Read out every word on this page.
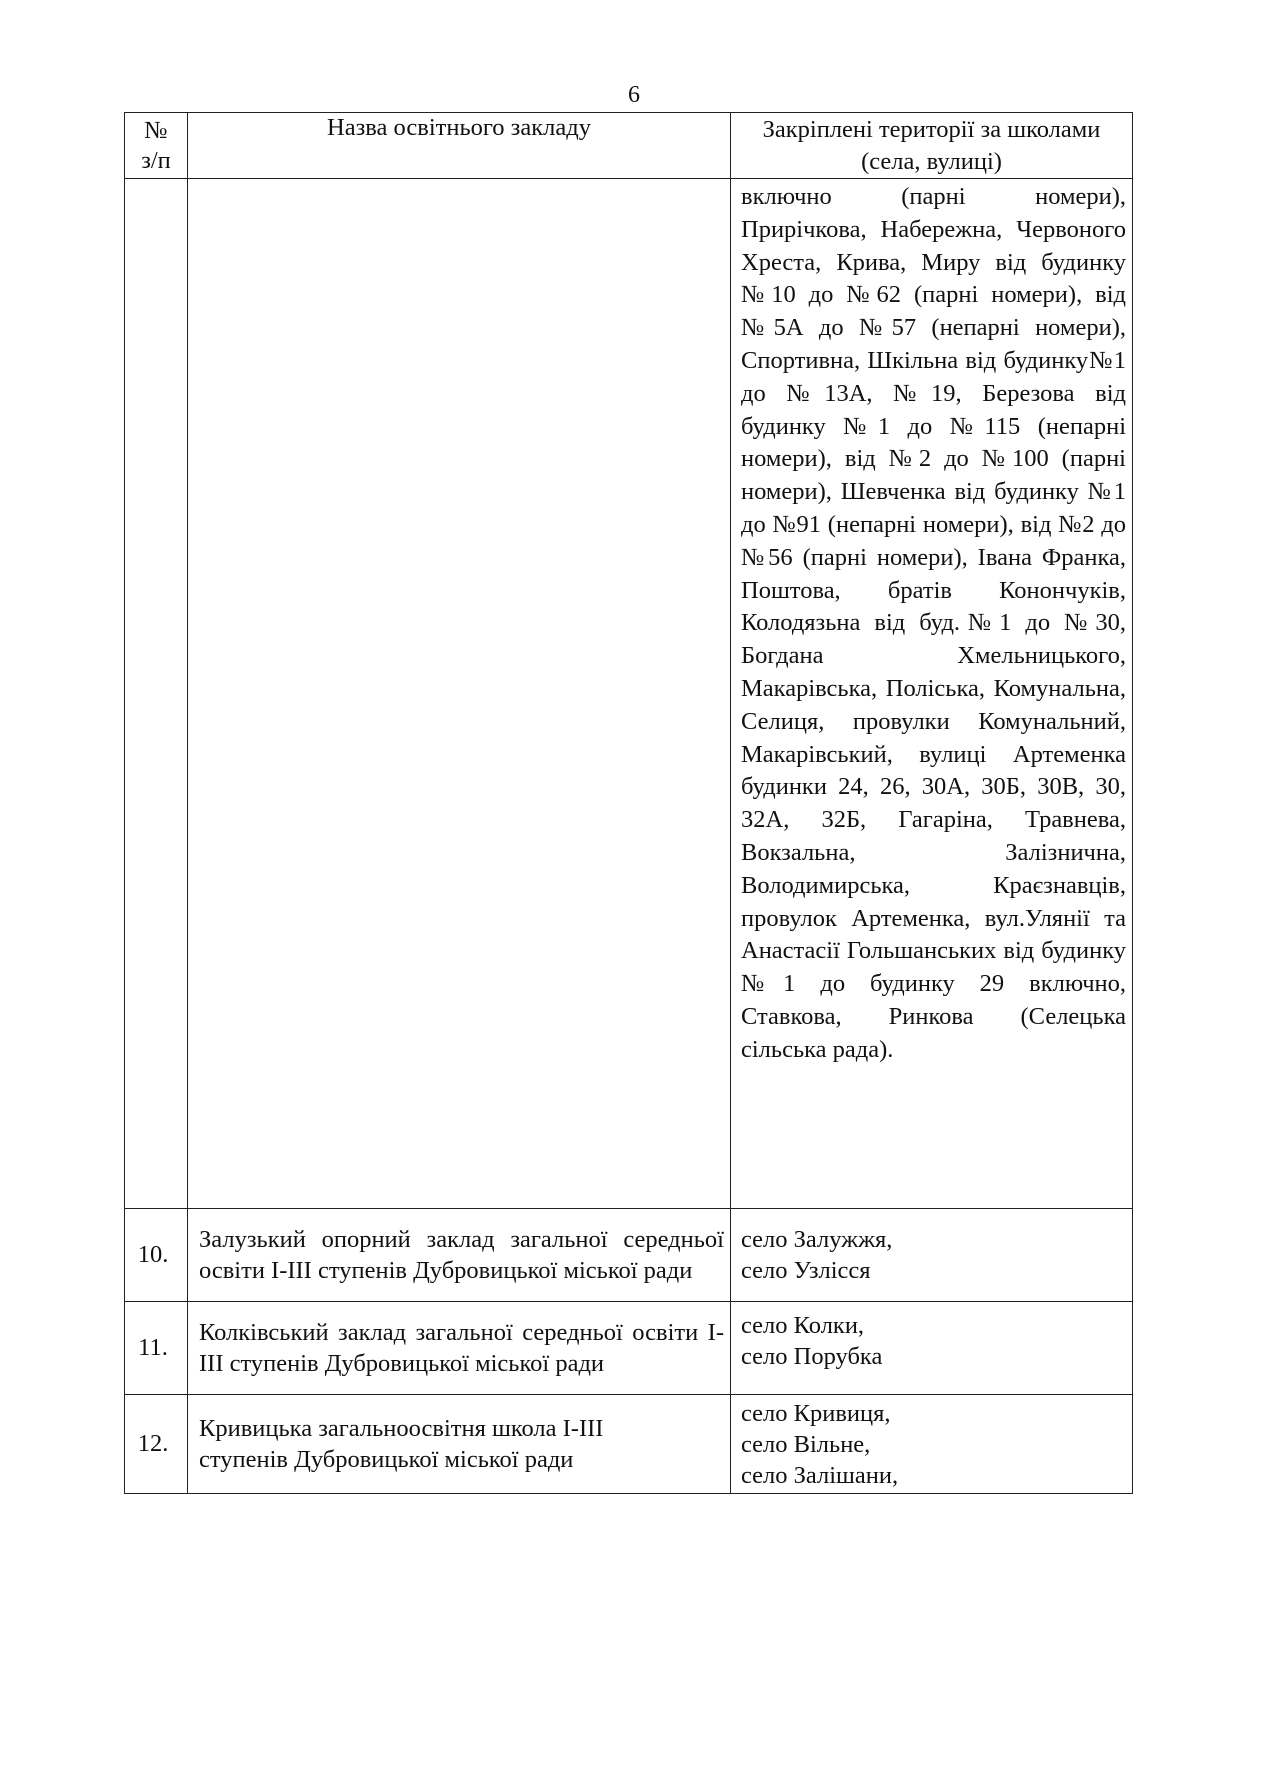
6
№
з/п	Назва освітнього закладу	Закріплені території за школами (села, вулиці)
		включно (парні номери), Прирічкова, Набережна, Червоного Хреста, Крива, Миру від будинку №10 до №62 (парні номери), від №5А до №57 (непарні номери), Спортивна, Шкільна від будинку№1 до №13А, №19, Березова від будинку №1 до №115 (непарні номери), від №2 до №100 (парні номери), Шевченка від будинку №1 до №91 (непарні номери), від №2 до №56 (парні номери), Івана Франка, Поштова, братів Конончуків, Колодязьна від буд.№1 до №30, Богдана Хмельницького, Макарівська, Поліська, Комунальна, Селиця, провулки Комунальний, Макарівський, вулиці Артеменка будинки 24, 26, 30А, 30Б, 30В, 30, 32А, 32Б, Гагаріна, Травнева, Вокзальна, Залізнична, Володимирська, Краєзнавців, провулок Артеменка, вул.Улянії та Анастасії Гольшанських від будинку №1 до будинку 29 включно, Ставкова, Ринкова (Селецька сільська рада).
10.	Залузький опорний заклад загальної середньої освіти І-ІІІ ступенів Дубровицької міської ради	село Залужжя,
село Узлісся

11.	Колківський заклад загальної середньої освіти І-ІІІ ступенів Дубровицької міської ради	село Колки,
село Порубка

12.	Кривицька загальноосвітня школа І-ІІІ
ступенів Дубровицької міської ради	село Кривиця,
село Вільне,
село Залішани,
